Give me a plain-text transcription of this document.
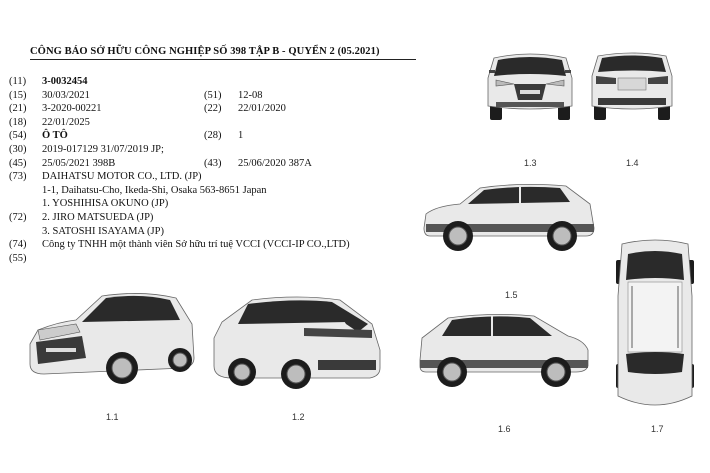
CÔNG BÁO SỞ HỮU CÔNG NGHIỆP SỐ 398 TẬP B - QUYỂN 2 (05.2021)
(11) 3-0032454
(15) 30/03/2021	(51) 12-08
(21) 3-2020-00221	(22) 22/01/2020
(18) 22/01/2025
(54) Ô TÔ	(28) 1
(30) 2019-017129 31/07/2019 JP;
(45) 25/05/2021 398B	(43) 25/06/2020 387A
(73) DAIHATSU MOTOR CO., LTD. (JP)
1-1, Daihatsu-Cho, Ikeda-Shi, Osaka 563-8651 Japan
1. YOSHIHISA OKUNO (JP)
(72) 2. JIRO MATSUEDA (JP)
3. SATOSHI ISAYAMA (JP)
(74) Công ty TNHH một thành viên Sở hữu trí tuệ VCCI (VCCI-IP CO.,LTD)
(55)
1.3	1.4
1.5
1.1	1.2
1.6	1.7
